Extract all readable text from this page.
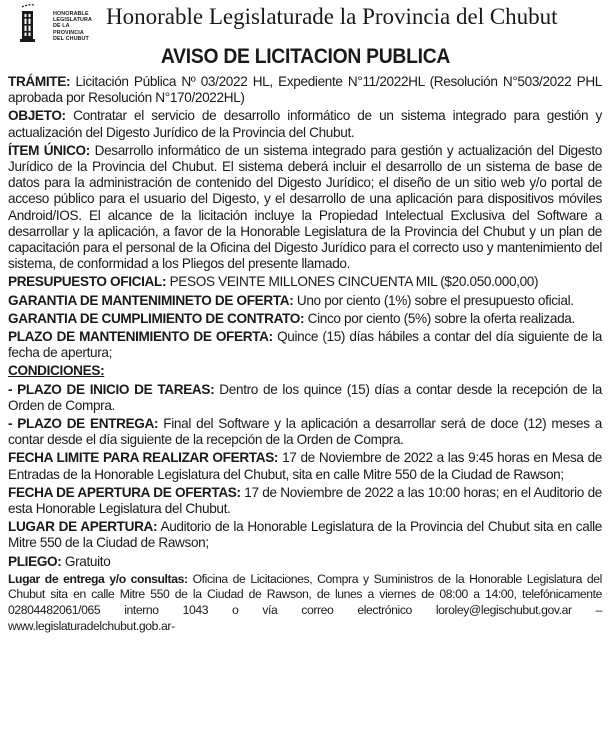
HONORABLE
LEGISLATURA
DE LA PROVINCIA
DEL CHUBUT
Honorable Legislaturade la Provincia del Chubut
AVISO DE LICITACION PUBLICA

TRÁMITE: Licitación Pública Nº 03/2022 HL, Expediente N°11/2022HL (Resolución N°503/2022 PHL aprobada por Resolución N°170/2022HL)

OBJETO: Contratar el servicio de desarrollo informático de un sistema integrado para gestión y actualización del Digesto Jurídico de la Provincia del Chubut.

ÍTEM ÚNICO: Desarrollo informático de un sistema integrado para gestión y actualización del Digesto Jurídico de la Provincia del Chubut. El sistema deberá incluir el desarrollo de un sistema de base de datos para la administración de contenido del Digesto Jurídico; el diseño de un sitio web y/o portal de acceso público para el usuario del Digesto, y el desarrollo de una aplicación para dispositivos móviles Android/IOS. El alcance de la licitación incluye la Propiedad Intelectual Exclusiva del Software a desarrollar y la aplicación, a favor de la Honorable Legislatura de la Provincia del Chubut y un plan de capacitación para el personal de la Oficina del Digesto Jurídico para el correcto uso y mantenimiento del sistema, de conformidad a los Pliegos del presente llamado.

PRESUPUESTO OFICIAL: PESOS VEINTE MILLONES CINCUENTA MIL ($20.050.000,00)

GARANTIA DE MANTENIMINETO DE OFERTA: Uno por ciento (1%) sobre el presupuesto oficial.

GARANTIA DE CUMPLIMIENTO DE CONTRATO: Cinco por ciento (5%) sobre la oferta realizada.

PLAZO DE MANTENIMIENTO DE OFERTA: Quince (15) días hábiles a contar del día siguiente de la fecha de apertura;

CONDICIONES:

- PLAZO DE INICIO DE TAREAS: Dentro de los quince (15) días a contar desde la recepción de la Orden de Compra.

- PLAZO DE ENTREGA: Final del Software y la aplicación a desarrollar será de doce (12) meses a contar desde el día siguiente de la recepción de la Orden de Compra.

FECHA LIMITE PARA REALIZAR OFERTAS: 17 de Noviembre de 2022 a las 9:45 horas en Mesa de Entradas de la Honorable Legislatura del Chubut, sita en calle Mitre 550 de la Ciudad de Rawson;

FECHA DE APERTURA DE OFERTAS: 17 de Noviembre de 2022 a las 10:00 horas; en el Auditorio de esta Honorable Legislatura del Chubut.

LUGAR DE APERTURA: Auditorio de la Honorable Legislatura de la Provincia del Chubut sita en calle Mitre 550 de la Ciudad de Rawson;

PLIEGO: Gratuito

Lugar de entrega y/o consultas: Oficina de Licitaciones, Compra y Suministros de la Honorable Legislatura del Chubut sita en calle Mitre 550 de la Ciudad de Rawson, de lunes a viernes de 08:00 a 14:00, telefónicamente 02804482061/065 interno 1043 o vía correo electrónico loroley@legischubut.gov.ar – www.legislaturadelchubut.gob.ar-
